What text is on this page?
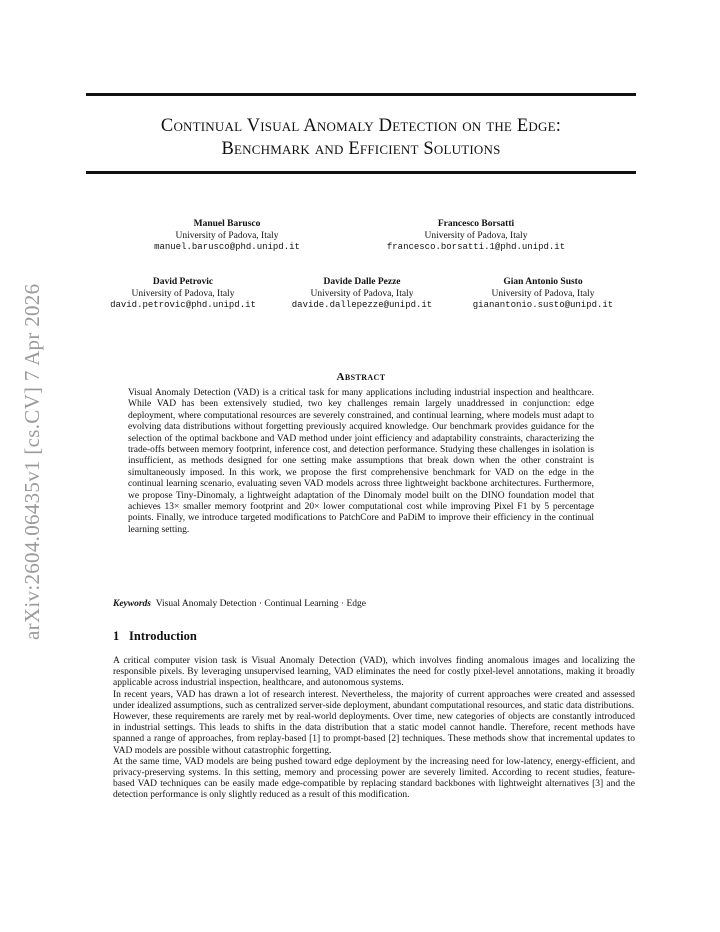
arXiv:2604.06435v1 [cs.CV] 7 Apr 2026
Continual Visual Anomaly Detection on the Edge:
Benchmark and Efficient Solutions
Manuel Barusco
University of Padova, Italy
manuel.barusco@phd.unipd.it
Francesco Borsatti
University of Padova, Italy
francesco.borsatti.1@phd.unipd.it
David Petrovic
University of Padova, Italy
david.petrovic@phd.unipd.it
Davide Dalle Pezze
University of Padova, Italy
davide.dallepezze@unipd.it
Gian Antonio Susto
University of Padova, Italy
gianantonio.susto@unipd.it
Abstract

Visual Anomaly Detection (VAD) is a critical task for many applications including industrial inspection and healthcare. While VAD has been extensively studied, two key challenges remain largely unaddressed in conjunction: edge deployment, where computational resources are severely constrained, and continual learning, where models must adapt to evolving data distributions without forgetting previously acquired knowledge. Our benchmark provides guidance for the selection of the optimal backbone and VAD method under joint efficiency and adaptability constraints, characterizing the trade-offs between memory footprint, inference cost, and detection performance. Studying these challenges in isolation is insufficient, as methods designed for one setting make assumptions that break down when the other constraint is simultaneously imposed. In this work, we propose the first comprehensive benchmark for VAD on the edge in the continual learning scenario, evaluating seven VAD models across three lightweight backbone architectures. Furthermore, we propose Tiny-Dinomaly, a lightweight adaptation of the Dinomaly model built on the DINO foundation model that achieves 13× smaller memory footprint and 20× lower computational cost while improving Pixel F1 by 5 percentage points. Finally, we introduce targeted modifications to PatchCore and PaDiM to improve their efficiency in the continual learning setting.

Keywords Visual Anomaly Detection · Continual Learning · Edge
1 Introduction

A critical computer vision task is Visual Anomaly Detection (VAD), which involves finding anomalous images and localizing the responsible pixels. By leveraging unsupervised learning, VAD eliminates the need for costly pixel-level annotations, making it broadly applicable across industrial inspection, healthcare, and autonomous systems.

In recent years, VAD has drawn a lot of research interest. Nevertheless, the majority of current approaches were created and assessed under idealized assumptions, such as centralized server-side deployment, abundant computational resources, and static data distributions.

However, these requirements are rarely met by real-world deployments. Over time, new categories of objects are constantly introduced in industrial settings. This leads to shifts in the data distribution that a static model cannot handle. Therefore, recent methods have spanned a range of approaches, from replay-based [1] to prompt-based [2] techniques. These methods show that incremental updates to VAD models are possible without catastrophic forgetting.

At the same time, VAD models are being pushed toward edge deployment by the increasing need for low-latency, energy-efficient, and privacy-preserving systems. In this setting, memory and processing power are severely limited. According to recent studies, feature-based VAD techniques can be easily made edge-compatible by replacing standard backbones with lightweight alternatives [3] and the detection performance is only slightly reduced as a result of this modification.
